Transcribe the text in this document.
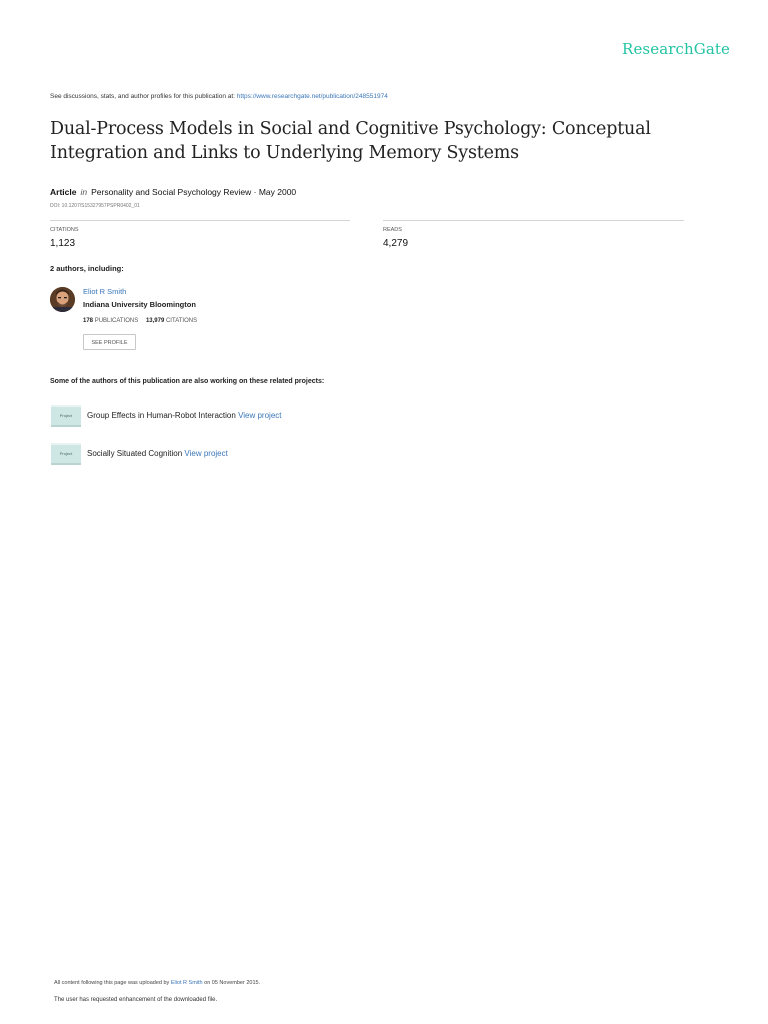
ResearchGate
See discussions, stats, and author profiles for this publication at: https://www.researchgate.net/publication/248551974
Dual-Process Models in Social and Cognitive Psychology: Conceptual Integration and Links to Underlying Memory Systems
Article in Personality and Social Psychology Review · May 2000
DOI: 10.1207/S15327957PSPR0402_01
CITATIONS
1,123
READS
4,279
2 authors, including:
Eliot R Smith
Indiana University Bloomington
178 PUBLICATIONS 13,979 CITATIONS
SEE PROFILE
Some of the authors of this publication are also working on these related projects:
Project	Group Effects in Human-Robot Interaction View project
Project	Socially Situated Cognition View project
All content following this page was uploaded by Eliot R Smith on 05 November 2015.
The user has requested enhancement of the downloaded file.
